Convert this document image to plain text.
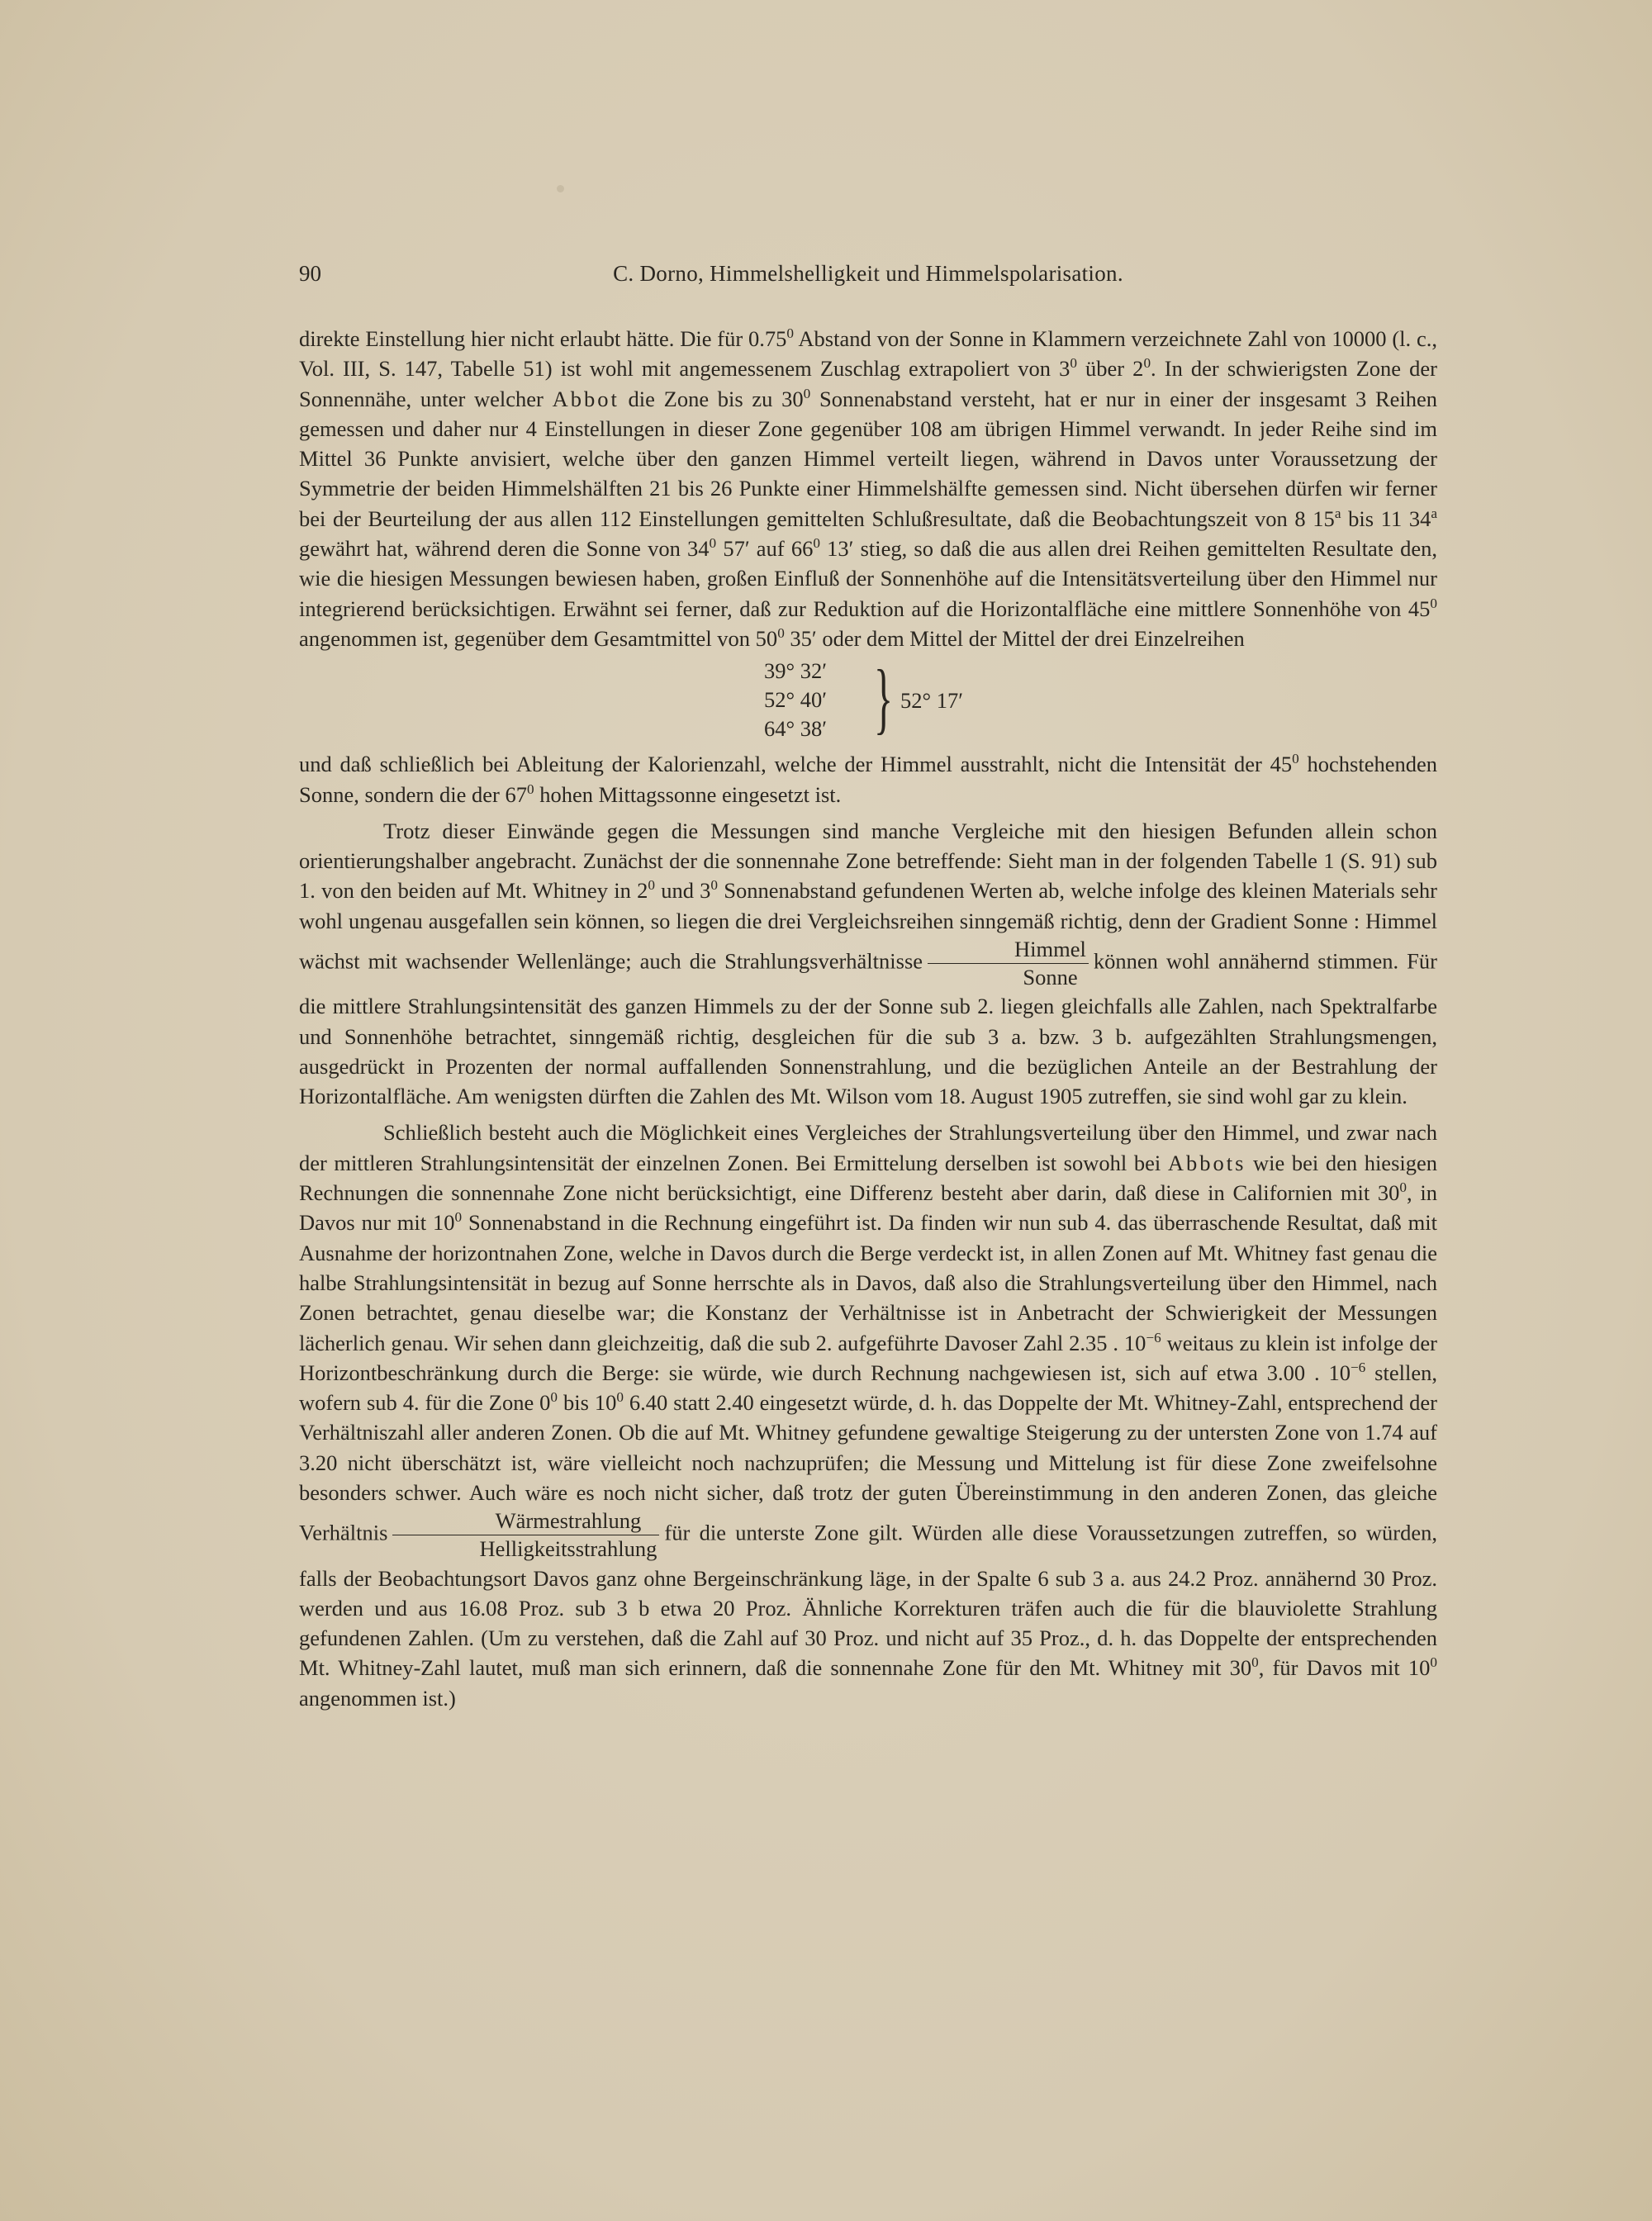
90	C. Dorno, Himmelshelligkeit und Himmelspolarisation.

direkte Einstellung hier nicht erlaubt hätte. Die für 0.75$^0$ Abstand von der Sonne in Klammern verzeichnete Zahl von 10000 (l. c., Vol. III, S. 147, Tabelle 51) ist wohl mit angemessenem Zuschlag extrapoliert von $3^0$ über $2^0$. In der schwierigsten Zone der Sonnennähe, unter welcher Abbot die Zone bis zu $30^0$ Sonnenabstand versteht, hat er nur in einer der insgesamt 3 Reihen gemessen und daher nur 4 Einstellungen in dieser Zone gegenüber 108 am übrigen Himmel verwandt. In jeder Reihe sind im Mittel 36 Punkte anvisiert, welche über den ganzen Himmel verteilt liegen, während in Davos unter Voraussetzung der Symmetrie der beiden Himmelshälften 21 bis 26 Punkte einer Himmelshälfte gemessen sind. Nicht übersehen dürfen wir ferner bei der Beurteilung der aus allen 112 Einstellungen gemittelten Schlußresultate, daß die Beobachtungszeit von 8 15$^a$ bis 11 34$^a$ gewährt hat, während deren die Sonne von $34^0$ 57′ auf $66^0$ 13′ stieg, so daß die aus allen drei Reihen gemittelten Resultate den, wie die hiesigen Messungen bewiesen haben, großen Einfluß der Sonnenhöhe auf die Intensitätsverteilung über den Himmel nur integrierend berücksichtigen. Erwähnt sei ferner, daß zur Reduktion auf die Horizontalfläche eine mittlere Sonnenhöhe von $45^0$ angenommen ist, gegenüber dem Gesamtmittel von $50^0$ 35′ oder dem Mittel der Mittel der drei Einzelreihen

39° 32′
52° 40′
64° 38′ } 52° 17′

und daß schließlich bei Ableitung der Kalorienzahl, welche der Himmel ausstrahlt, nicht die Intensität der $45^0$ hochstehenden Sonne, sondern die der $67^0$ hohen Mittagssonne eingesetzt ist.

Trotz dieser Einwände gegen die Messungen sind manche Vergleiche mit den hiesigen Befunden allein schon orientierungshalber angebracht. Zunächst der die sonnennahe Zone betreffende: Sieht man in der folgenden Tabelle 1 (S. 91) sub 1. von den beiden auf Mt. Whitney in $2^0$ und $3^0$ Sonnenabstand gefundenen Werten ab, welche infolge des kleinen Materials sehr wohl ungenau ausgefallen sein können, so liegen die drei Vergleichsreihen sinngemäß richtig, denn der Gradient Sonne : Himmel wächst mit wachsender Wellenlänge; auch die Strahlungsverhältnisse $\frac{\text{Himmel}}{\text{Sonne}}$ können wohl annähernd stimmen. Für die mittlere Strahlungsintensität des ganzen Himmels zu der der Sonne sub 2. liegen gleichfalls alle Zahlen, nach Spektralfarbe und Sonnenhöhe betrachtet, sinngemäß richtig, desgleichen für die sub 3 a. bzw. 3 b. aufgezählten Strahlungsmengen, ausgedrückt in Prozenten der normal auffallenden Sonnenstrahlung, und die bezüglichen Anteile an der Bestrahlung der Horizontalfläche. Am wenigsten dürften die Zahlen des Mt. Wilson vom 18. August 1905 zutreffen, sie sind wohl gar zu klein.

Schließlich besteht auch die Möglichkeit eines Vergleiches der Strahlungsverteilung über den Himmel, und zwar nach der mittleren Strahlungsintensität der einzelnen Zonen. Bei Ermittelung derselben ist sowohl bei Abbots wie bei den hiesigen Rechnungen die sonnennahe Zone nicht berücksichtigt, eine Differenz besteht aber darin, daß diese in Californien mit $30^0$, in Davos nur mit $10^0$ Sonnenabstand in die Rechnung eingeführt ist. Da finden wir nun sub 4. das überraschende Resultat, daß mit Ausnahme der horizontnahen Zone, welche in Davos durch die Berge verdeckt ist, in allen Zonen auf Mt. Whitney fast genau die halbe Strahlungsintensität in bezug auf Sonne herrschte als in Davos, daß also die Strahlungsverteilung über den Himmel, nach Zonen betrachtet, genau dieselbe war; die Konstanz der Verhältnisse ist in Anbetracht der Schwierigkeit der Messungen lächerlich genau. Wir sehen dann gleichzeitig, daß die sub 2. aufgeführte Davoser Zahl 2.35 . $10^{-6}$ weitaus zu klein ist infolge der Horizontbeschränkung durch die Berge: sie würde, wie durch Rechnung nachgewiesen ist, sich auf etwa 3.00 . $10^{-6}$ stellen, wofern sub 4. für die Zone $0^0$ bis $10^0$ 6.40 statt 2.40 eingesetzt würde, d. h. das Doppelte der Mt. Whitney-Zahl, entsprechend der Verhältniszahl aller anderen Zonen. Ob die auf Mt. Whitney gefundene gewaltige Steigerung zu der untersten Zone von 1.74 auf 3.20 nicht überschätzt ist, wäre vielleicht noch nachzuprüfen; die Messung und Mittelung ist für diese Zone zweifelsohne besonders schwer. Auch wäre es noch nicht sicher, daß trotz der guten Übereinstimmung in den anderen Zonen, das gleiche Verhältnis $\frac{\text{Wärmestrahlung}}{\text{Helligkeitsstrahlung}}$ für die unterste Zone gilt. Würden alle diese Voraussetzungen zutreffen, so würden, falls der Beobachtungsort Davos ganz ohne Bergeinschränkung läge, in der Spalte 6 sub 3 a. aus 24.2 Proz. annähernd 30 Proz. werden und aus 16.08 Proz. sub 3 b etwa 20 Proz. Ähnliche Korrekturen träfen auch die für die blauviolette Strahlung gefundenen Zahlen. (Um zu verstehen, daß die Zahl auf 30 Proz. und nicht auf 35 Proz., d. h. das Doppelte der entsprechenden Mt. Whitney-Zahl lautet, muß man sich erinnern, daß die sonnennahe Zone für den Mt. Whitney mit $30^0$, für Davos mit $10^0$ angenommen ist.)
